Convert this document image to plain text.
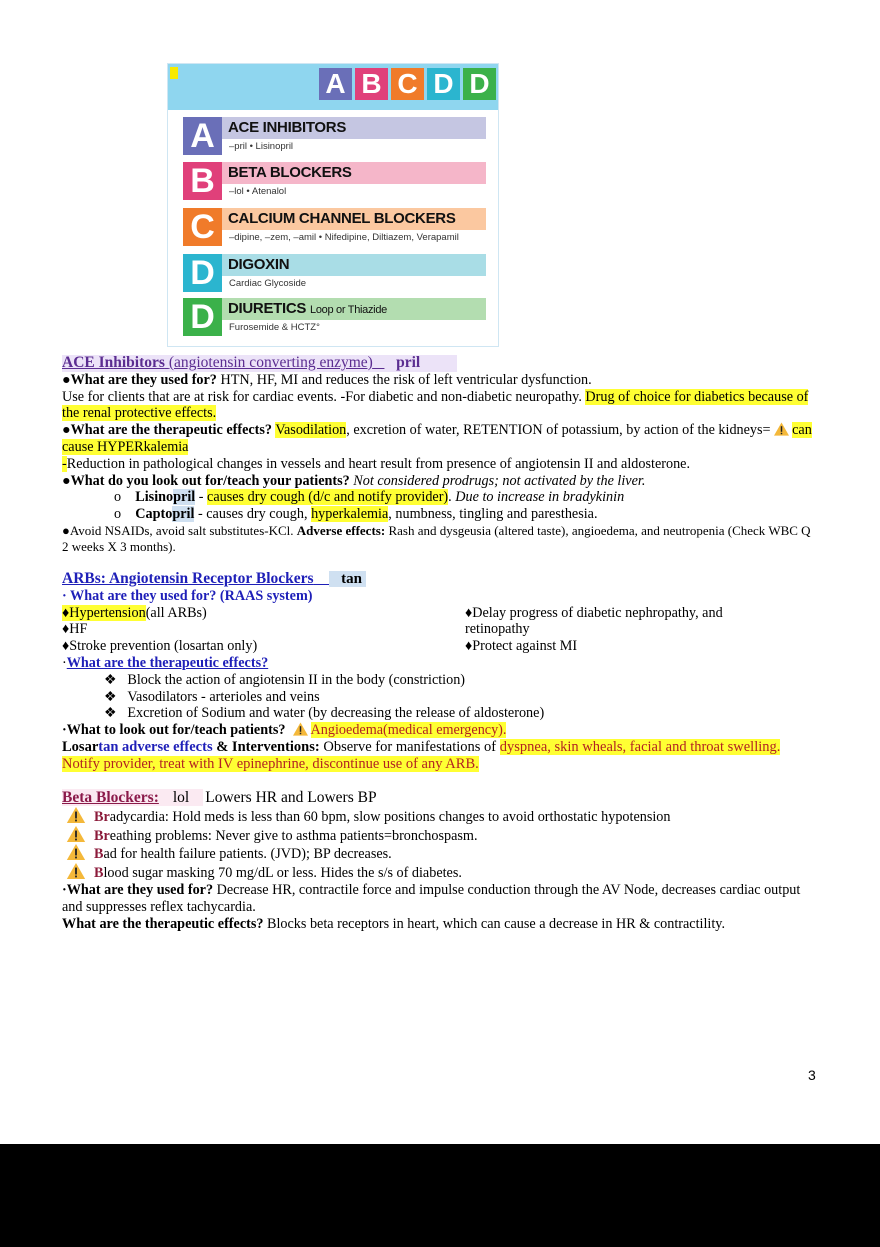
A B C D D
A ACE INHIBITORS
–pril • Lisinopril
B BETA BLOCKERS
–lol • Atenalol
C CALCIUM CHANNEL BLOCKERS
–dipine, –zem, –amil • Nifedipine, Diltiazem, Verapamil
D DIGOXIN
Cardiac Glycoside
D DIURETICS Loop or Thiazide
Furosemide & HCTZ°
ACE Inhibitors (angiotensin converting enzyme) pril
●What are they used for? HTN, HF, MI and reduces the risk of left ventricular dysfunction.
Use for clients that are at risk for cardiac events. -For diabetic and non-diabetic neuropathy. Drug of choice for diabetics because of the renal protective effects.
●What are the therapeutic effects? Vasodilation, excretion of water, RETENTION of potassium, by action of the kidneys= can cause HYPERkalemia
-Reduction in pathological changes in vessels and heart result from presence of angiotensin II and aldosterone.
●What do you look out for/teach your patients? Not considered prodrugs; not activated by the liver.
o Lisinopril - causes dry cough (d/c and notify provider). Due to increase in bradykinin
o Captopril - causes dry cough, hyperkalemia, numbness, tingling and paresthesia.
●Avoid NSAIDs, avoid salt substitutes-KCl. Adverse effects: Rash and dysgeusia (altered taste), angioedema, and neutropenia (Check WBC Q 2 weeks X 3 months).
ARBs: Angiotensin Receptor Blockers tan
· What are they used for? (RAAS system)
♦Hypertension(all ARBs)
♦HF
♦Stroke prevention (losartan only)
♦Delay progress of diabetic nephropathy, and retinopathy
♦Protect against MI
·What are the therapeutic effects?
❖ Block the action of angiotensin II in the body (constriction)
❖ Vasodilators - arterioles and veins
❖ Excretion of Sodium and water (by decreasing the release of aldosterone)
·What to look out for/teach patients? Angioedema(medical emergency).
Losartan adverse effects & Interventions: Observe for manifestations of dyspnea, skin wheals, facial and throat swelling. Notify provider, treat with IV epinephrine, discontinue use of any ARB.
Beta Blockers: lol Lowers HR and Lowers BP
Bradycardia: Hold meds is less than 60 bpm, slow positions changes to avoid orthostatic hypotension
Breathing problems: Never give to asthma patients=bronchospasm.
Bad for health failure patients. (JVD); BP decreases.
Blood sugar masking 70 mg/dL or less. Hides the s/s of diabetes.
·What are they used for? Decrease HR, contractile force and impulse conduction through the AV Node, decreases cardiac output and suppresses reflex tachycardia.
What are the therapeutic effects? Blocks beta receptors in heart, which can cause a decrease in HR & contractility.
3
